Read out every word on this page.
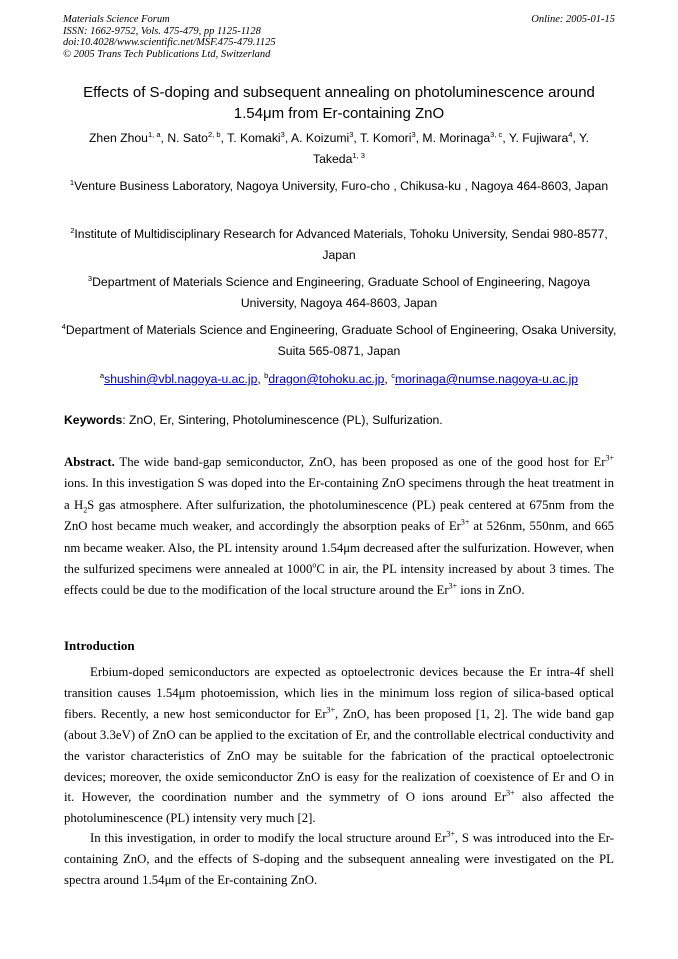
Materials Science Forum
ISSN: 1662-9752, Vols. 475-479, pp 1125-1128
doi:10.4028/www.scientific.net/MSF.475-479.1125
© 2005 Trans Tech Publications Ltd, Switzerland
Online: 2005-01-15
Effects of S-doping and subsequent annealing on photoluminescence around
1.54μm from Er-containing ZnO
Zhen Zhou$^{1, a}$, N. Sato$^{2, b}$, T. Komaki$^3$, A. Koizumi$^3$, T. Komori$^3$, M. Morinaga$^{3, c}$, Y. Fujiwara$^4$, Y. Takeda$^{1, 3}$
$^1$Venture Business Laboratory, Nagoya University, Furo-cho , Chikusa-ku , Nagoya 464-8603, Japan
$^2$Institute of Multidisciplinary Research for Advanced Materials, Tohoku University, Sendai 980-8577, Japan
$^3$Department of Materials Science and Engineering, Graduate School of Engineering, Nagoya University, Nagoya 464-8603, Japan
$^4$Department of Materials Science and Engineering, Graduate School of Engineering, Osaka University, Suita 565-0871, Japan
$^a$shushin@vbl.nagoya-u.ac.jp, $^b$dragon@tohoku.ac.jp, $^c$morinaga@numse.nagoya-u.ac.jp
Keywords: ZnO, Er, Sintering, Photoluminescence (PL), Sulfurization.
Abstract. The wide band-gap semiconductor, ZnO, has been proposed as one of the good host for $Er^{3+}$ ions. In this investigation S was doped into the Er-containing ZnO specimens through the heat treatment in a $H_2S$ gas atmosphere. After sulfurization, the photoluminescence (PL) peak centered at 675nm from the ZnO host became much weaker, and accordingly the absorption peaks of $Er^{3+}$ at 526nm, 550nm, and 665 nm became weaker. Also, the PL intensity around 1.54μm decreased after the sulfurization. However, when the sulfurized specimens were annealed at 1000$^o$C in air, the PL intensity increased by about 3 times. The effects could be due to the modification of the local structure around the $Er^{3+}$ ions in ZnO.
Introduction
Erbium-doped semiconductors are expected as optoelectronic devices because the Er intra-4f shell transition causes 1.54μm photoemission, which lies in the minimum loss region of silica-based optical fibers. Recently, a new host semiconductor for $Er^{3+}$, ZnO, has been proposed [1, 2]. The wide band gap (about 3.3eV) of ZnO can be applied to the excitation of Er, and the controllable electrical conductivity and the varistor characteristics of ZnO may be suitable for the fabrication of the practical optoelectronic devices; moreover, the oxide semiconductor ZnO is easy for the realization of coexistence of Er and O in it. However, the coordination number and the symmetry of O ions around $Er^{3+}$ also affected the photoluminescence (PL) intensity very much [2].
In this investigation, in order to modify the local structure around $Er^{3+}$, S was introduced into the Er-containing ZnO, and the effects of S-doping and the subsequent annealing were investigated on the PL spectra around 1.54μm of the Er-containing ZnO.
